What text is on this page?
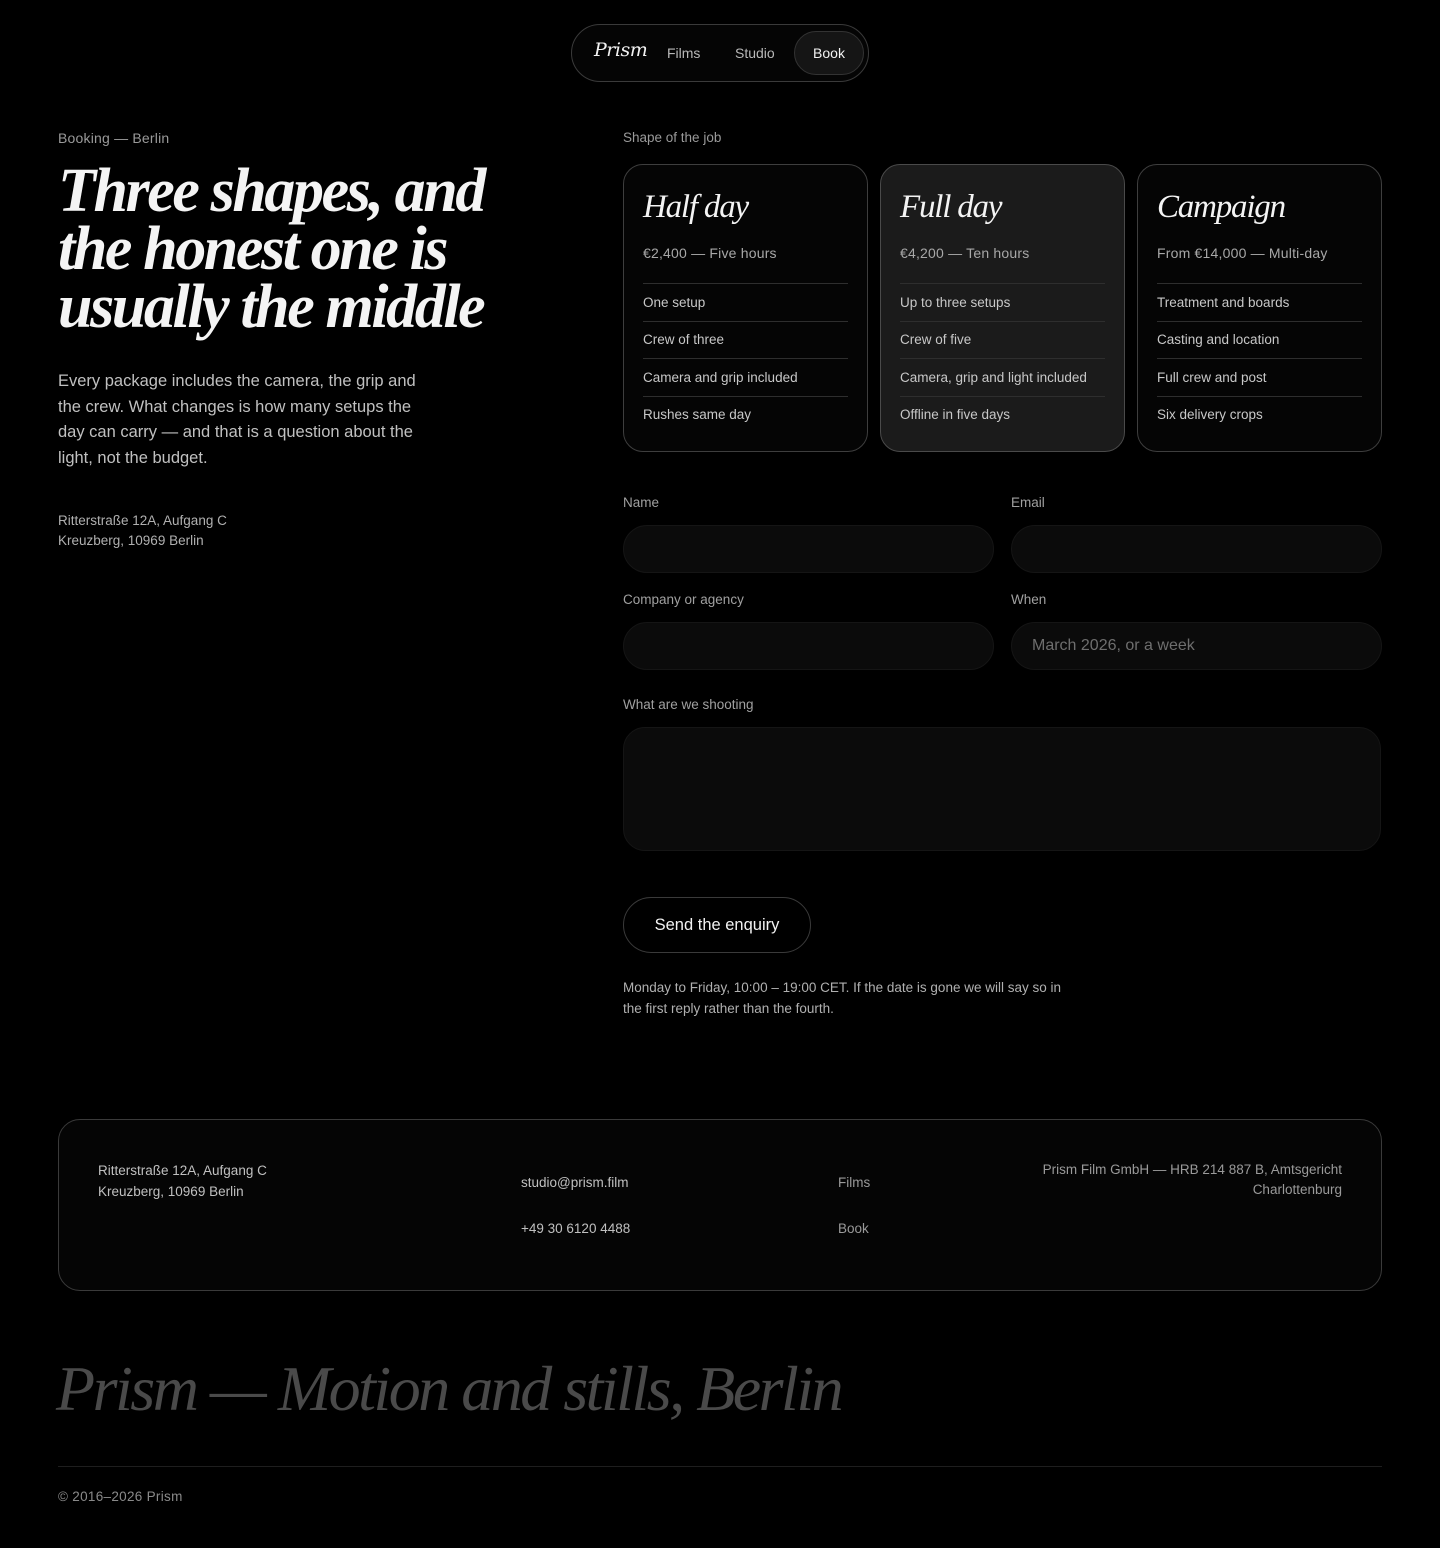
Prism Films Studio	Book
Booking — Berlin
Three shapes, and
the honest one is
usually the middle

Every package includes the camera, the grip and the crew. What changes is how many setups the day can carry — and that is a question about the light, not the budget.

Ritterstraße 12A, Aufgang C
Kreuzberg, 10969 Berlin
Shape of the job
Half day
€2,400 — Five hours
One setup
Crew of three
Camera and grip included
Rushes same day
Full day
€4,200 — Ten hours
Up to three setups
Crew of five
Camera, grip and light included
Offline in five days
Campaign
From €14,000 — Multi-day
Treatment and boards
Casting and location
Full crew and post
Six delivery crops
Name	Email
Company or agency	When
March 2026, or a week
What are we shooting
Send the enquiry

Monday to Friday, 10:00 – 19:00 CET. If the date is gone we will say so in the first reply rather than the fourth.

Ritterstraße 12A, Aufgang C
Kreuzberg, 10969 Berlin
studio@prism.film
+49 30 6120 4488
Films
Book
Prism Film GmbH — HRB 214 887 B, Amtsgericht Charlottenburg
Prism — Motion and stills, Berlin
© 2016–2026 Prism
